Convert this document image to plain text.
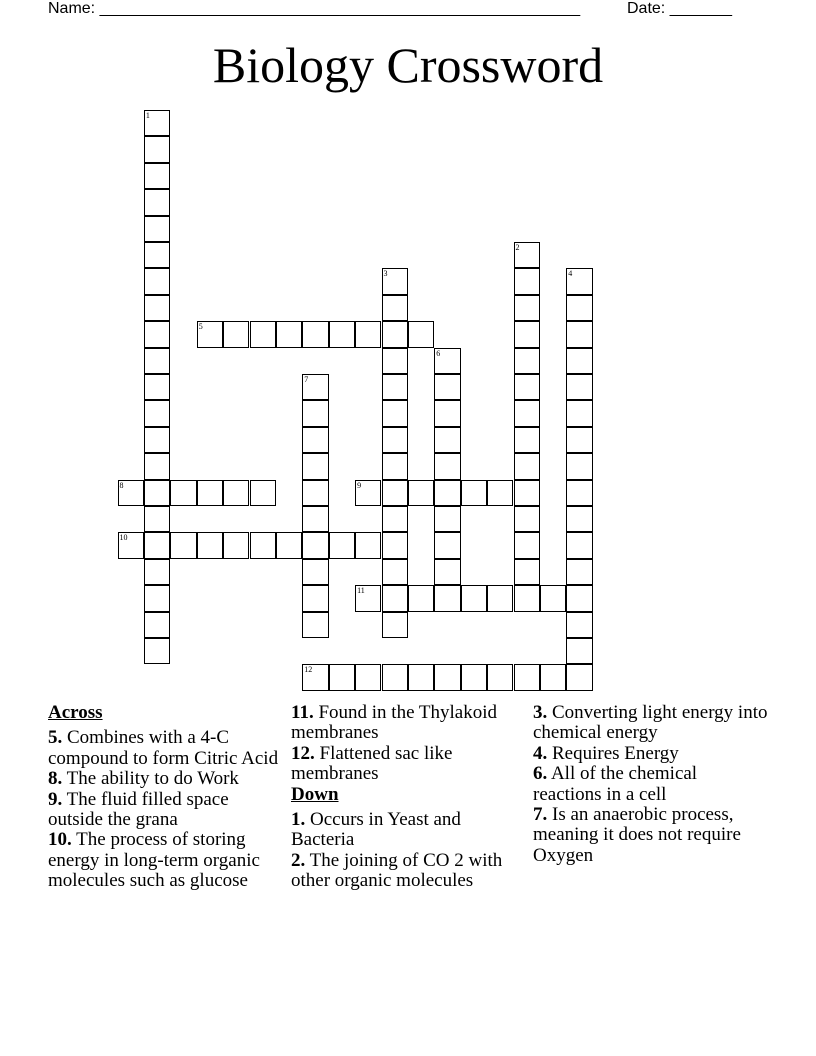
Name: ______________________________________________________	Date: _______
Biology Crossword
1
2
3	4
5
6
7
8	9
10
11
12
Across
5. Combines with a 4-C compound to form Citric Acid
8. The ability to do Work
9. The fluid filled space outside the grana
10. The process of storing energy in long-term organic molecules such as glucose
11. Found in the Thylakoid membranes
12. Flattened sac like membranes
Down
1. Occurs in Yeast and Bacteria
2. The joining of CO 2 with other organic molecules
3. Converting light energy into chemical energy
4. Requires Energy
6. All of the chemical reactions in a cell
7. Is an anaerobic process, meaning it does not require Oxygen
